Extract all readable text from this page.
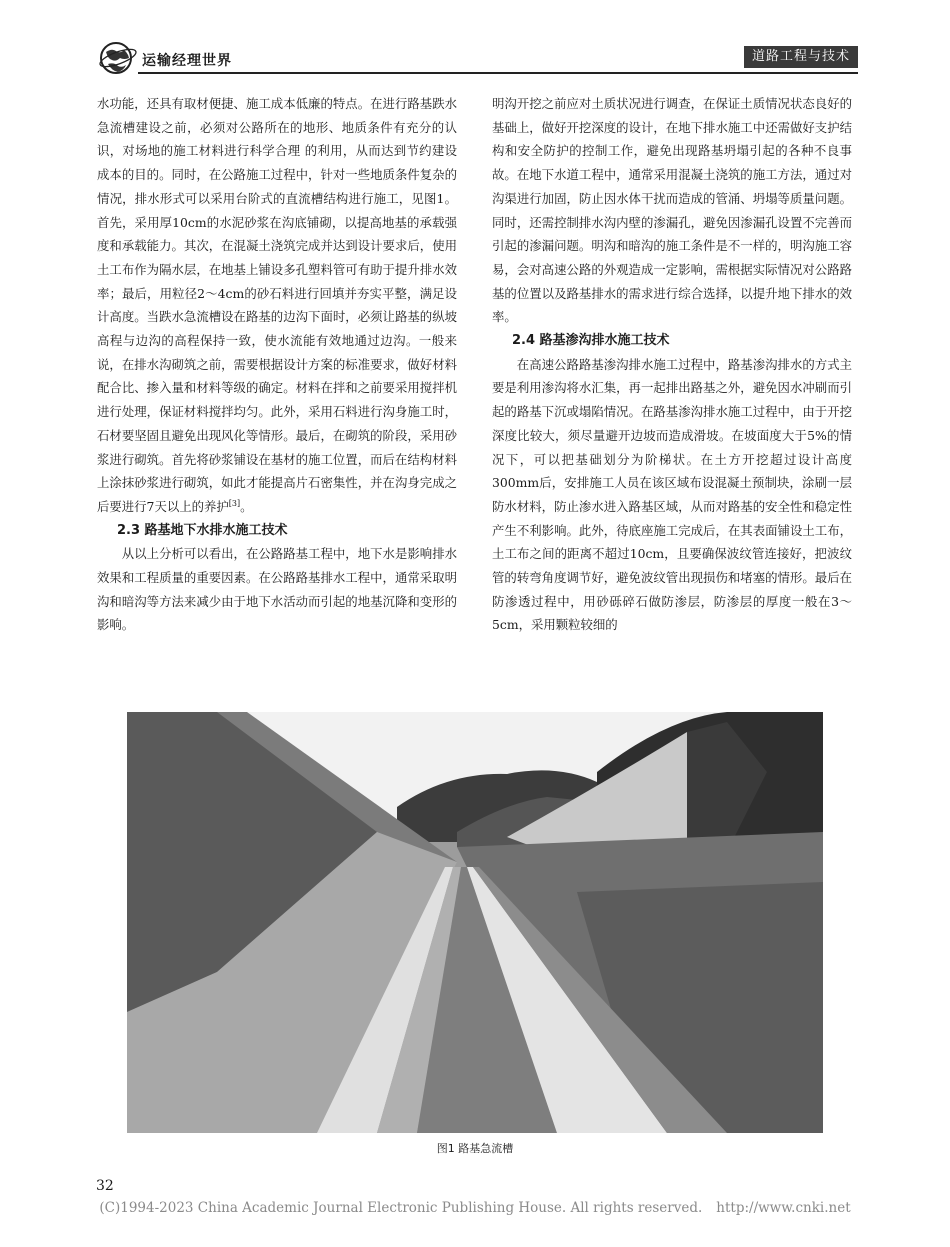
运输经理世界	道路工程与技术

水功能，还具有取材便捷、施工成本低廉的特点。在进行路基跌水急流槽建设之前，必须对公路所在的地形、地质条件有充分的认识，对场地的施工材料进行科学合理 的利用，从而达到节约建设成本的目的。同时，在公路施工过程中，针对一些地质条件复杂的情况，排水形式可以采用台阶式的直流槽结构进行施工，见图1。首先，采用厚10cm的水泥砂浆在沟底铺砌，以提高地基的承载强度和承载能力。其次，在混凝土浇筑完成并达到设计要求后，使用土工布作为隔水层，在地基上铺设多孔塑料管可有助于提升排水效率；最后，用粒径2～4cm的砂石料进行回填并夯实平整，满足设计高度。当跌水急流槽设在路基的边沟下面时，必须让路基的纵坡高程与边沟的高程保持一致，使水流能有效地通过边沟。一般来说，在排水沟砌筑之前，需要根据设计方案的标准要求，做好材料配合比、掺入量和材料等级的确定。材料在拌和之前要采用搅拌机进行处理，保证材料搅拌均匀。此外，采用石料进行沟身施工时，石材要坚固且避免出现风化等情形。最后，在砌筑的阶段，采用砂浆进行砌筑。首先将砂浆铺设在基材的施工位置，而后在结构材料上涂抹砂浆进行砌筑，如此才能提高片石密集性，并在沟身完成之后要进行7天以上的养护[3]。

2.3 路基地下水排水施工技术

从以上分析可以看出，在公路路基工程中，地下水是影响排水效果和工程质量的重要因素。在公路路基排水工程中，通常采取明沟和暗沟等方法来减少由于地下水活动而引起的地基沉降和变形的影响。

明沟开挖之前应对土质状况进行调查，在保证土质情况状态良好的基础上，做好开挖深度的设计，在地下排水施工中还需做好支护结构和安全防护的控制工作，避免出现路基坍塌引起的各种不良事故。在地下水道工程中，通常采用混凝土浇筑的施工方法，通过对沟渠进行加固，防止因水体干扰而造成的管涌、坍塌等质量问题。同时，还需控制排水沟内壁的渗漏孔，避免因渗漏孔设置不完善而引起的渗漏问题。明沟和暗沟的施工条件是不一样的，明沟施工容易，会对高速公路的外观造成一定影响，需根据实际情况对公路路基的位置以及路基排水的需求进行综合选择，以提升地下排水的效率。

2.4 路基渗沟排水施工技术

在高速公路路基渗沟排水施工过程中，路基渗沟排水的方式主要是利用渗沟将水汇集，再一起排出路基之外，避免因水冲刷而引起的路基下沉或塌陷情况。在路基渗沟排水施工过程中，由于开挖深度比较大，须尽量避开边坡而造成滑坡。在坡面度大于5%的情况下，可以把基础划分为阶梯状。在土方开挖超过设计高度300mm后，安排施工人员在该区域布设混凝土预制块，涂刷一层防水材料，防止渗水进入路基区域，从而对路基的安全性和稳定性产生不利影响。此外，待底座施工完成后，在其表面铺设土工布，土工布之间的距离不超过10cm，且要确保波纹管连接好，把波纹管的转弯角度调节好，避免波纹管出现损伤和堵塞的情形。最后在防渗透过程中，用砂砾碎石做防渗层，防渗层的厚度一般在3～5cm，采用颗粒较细的

图1 路基急流槽
32
(C)1994-2023 China Academic Journal Electronic Publishing House. All rights reserved. http://www.cnki.net
